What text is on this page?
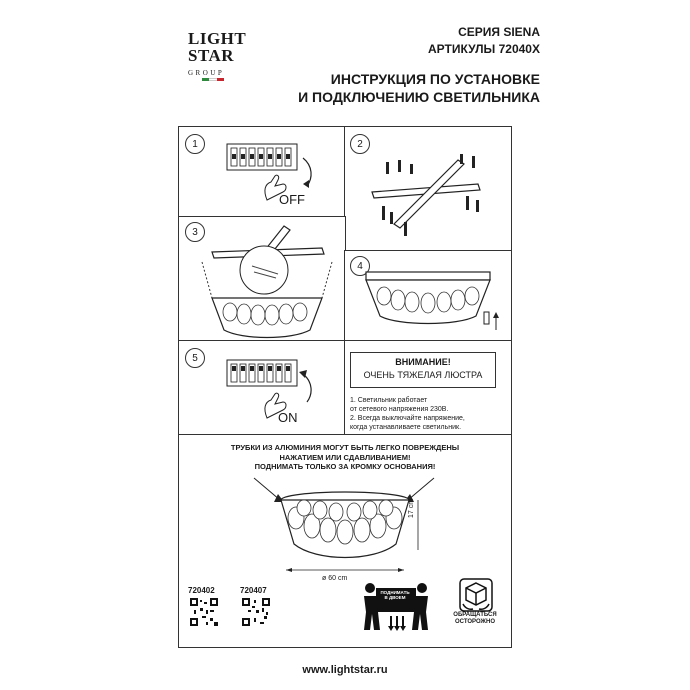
LIGHT
STAR
GROUP
СЕРИЯ SIENA
АРТИКУЛЫ 72040X
ИНСТРУКЦИЯ ПО УСТАНОВКЕ
И ПОДКЛЮЧЕНИЮ СВЕТИЛЬНИКА
1	2
3
4
5
OFF
ON
ВНИМАНИЕ!
ОЧЕНЬ ТЯЖЕЛАЯ ЛЮСТРА
1. Светильник работает
от сетевого напряжения 230В.
2. Всегда выключайте напряжение,
когда устанавливаете светильник.
ТРУБКИ ИЗ АЛЮМИНИЯ МОГУТ БЫТЬ ЛЕГКО ПОВРЕЖДЕНЫ
НАЖАТИЕМ ИЛИ СДАВЛИВАНИЕМ!
ПОДНИМАТЬ ТОЛЬКО ЗА КРОМКУ ОСНОВАНИЯ!
ø 60 cm
17 cm
720402	720407	ПОДНИМАТЬ
В ДВОЕМ
ОБРАЩАТЬСЯ
ОСТОРОЖНО
www.lightstar.ru
